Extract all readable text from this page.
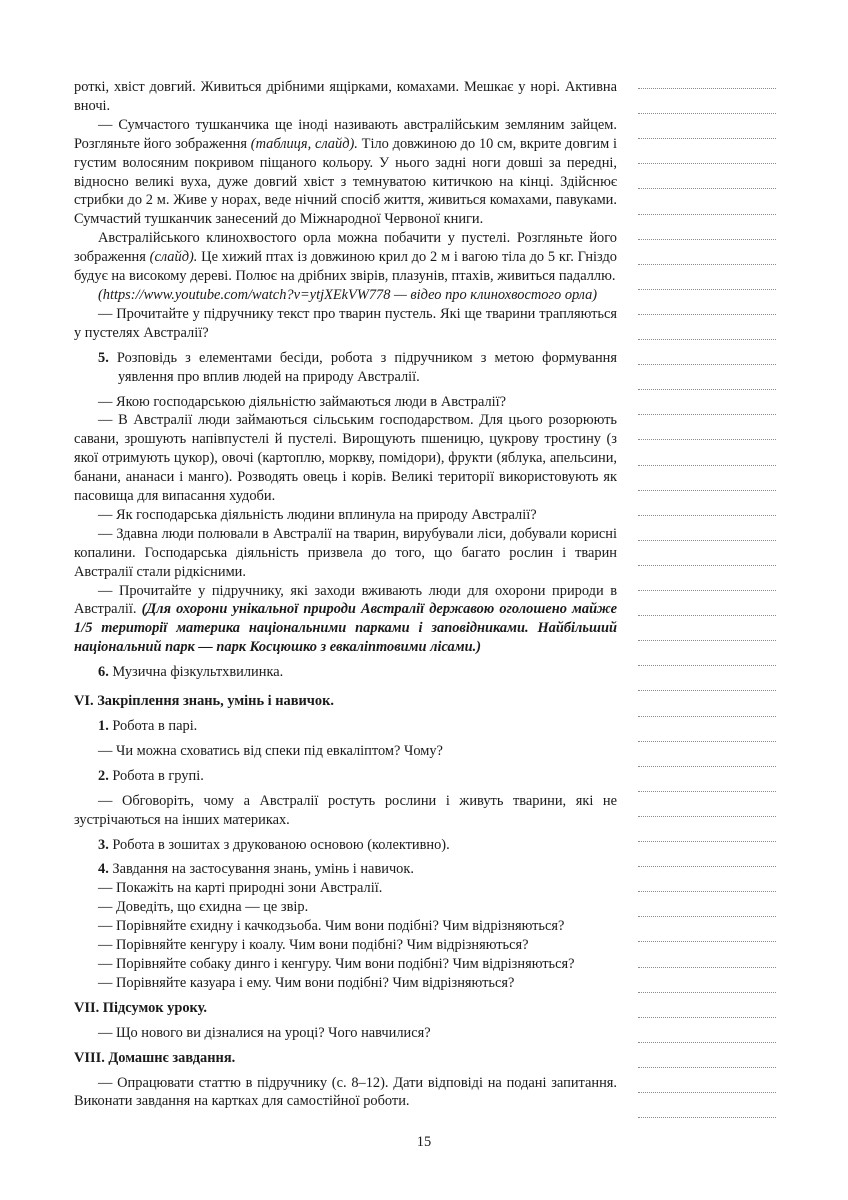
роткі, хвіст довгий. Живиться дрібними ящірками, комахами. Мешкає у норі. Активна вночі.

— Сумчастого тушканчика ще іноді називають австралійським земляним зайцем. Розгляньте його зображення (таблиця, слайд). Тіло довжиною до 10 см, вкрите довгим і густим волосяним покривом піщаного кольору. У нього задні ноги довші за передні, відносно великі вуха, дуже довгий хвіст з темнуватою китичкою на кінці. Здійснює стрибки до 2 м. Живе у норах, веде нічний спосіб життя, живиться комахами, павуками. Сумчастий тушканчик занесений до Міжнародної Червоної книги.

Австралійського клинохвостого орла можна побачити у пустелі. Розгляньте його зображення (слайд). Це хижий птах із довжиною крил до 2 м і вагою тіла до 5 кг. Гніздо будує на високому дереві. Полює на дрібних звірів, плазунів, птахів, живиться падаллю.

(https://www.youtube.com/watch?v=ytjXEkVW778 — відео про клинохвостого орла)

— Прочитайте у підручнику текст про тварин пустель. Які ще тварини трапляються у пустелях Австралії?

5. Розповідь з елементами бесіди, робота з підручником з метою формування уявлення про вплив людей на природу Австралії.

— Якою господарською діяльністю займаються люди в Австралії?

— В Австралії люди займаються сільським господарством. Для цього розорюють савани, зрошують напівпустелі й пустелі. Вирощують пшеницю, цукрову тростину (з якої отримують цукор), овочі (картоплю, моркву, помідори), фрукти (яблука, апельсини, банани, ананаси і манго). Розводять овець і корів. Великі території використовують як пасовища для випасання худоби.

— Як господарська діяльність людини вплинула на природу Австралії?

— Здавна люди полювали в Австралії на тварин, вирубували ліси, добували корисні копалини. Господарська діяльність призвела до того, що багато рослин і тварин Австралії стали рідкісними.

— Прочитайте у підручнику, які заходи вживають люди для охорони природи в Австралії. (Для охорони унікальної природи Австралії державою оголошено майже 1/5 території материка національними парками і заповідниками. Найбільший національний парк — парк Косцюшко з евкаліптовими лісами.)

6. Музична фізкультхвилинка.

VI. Закріплення знань, умінь і навичок.

1. Робота в парі.

— Чи можна сховатись від спеки під евкаліптом? Чому?

2. Робота в групі.

— Обговоріть, чому а Австралії ростуть рослини і живуть тварини, які не зустрічаються на інших материках.

3. Робота в зошитах з друкованою основою (колективно).

4. Завдання на застосування знань, умінь і навичок.

— Покажіть на карті природні зони Австралії.

— Доведіть, що єхидна — це звір.

— Порівняйте єхидну і качкодзьоба. Чим вони подібні? Чим відрізняються?

— Порівняйте кенгуру і коалу. Чим вони подібні? Чим відрізняються?

— Порівняйте собаку динго і кенгуру. Чим вони подібні? Чим відрізняються?

— Порівняйте казуара і ему. Чим вони подібні? Чим відрізняються?

VII. Підсумок уроку.

— Що нового ви дізналися на уроці? Чого навчилися?

VIII. Домашнє завдання.

— Опрацювати статтю в підручнику (с. 8–12). Дати відповіді на подані запитання. Виконати завдання на картках для самостійної роботи.

15
